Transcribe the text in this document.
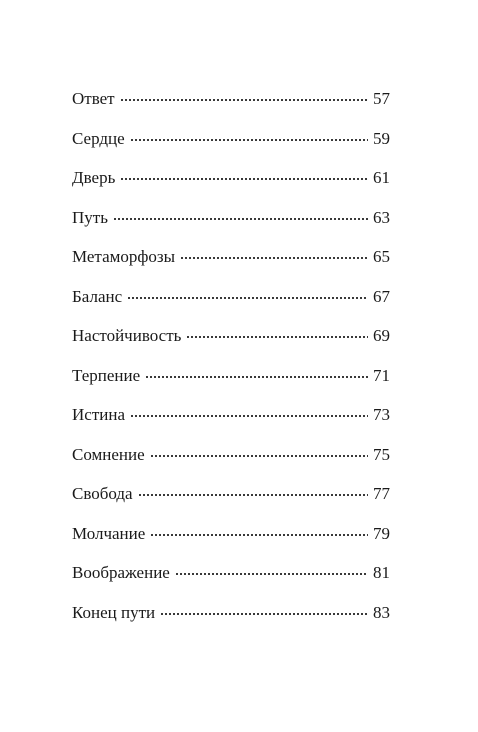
Ответ	57
Сердце	59
Дверь	61
Путь	63
Метаморфозы	65
Баланс	67
Настойчивость	69
Терпение	71
Истина	73
Сомнение	75
Свобода	77
Молчание	79
Воображение	81
Конец пути	83
